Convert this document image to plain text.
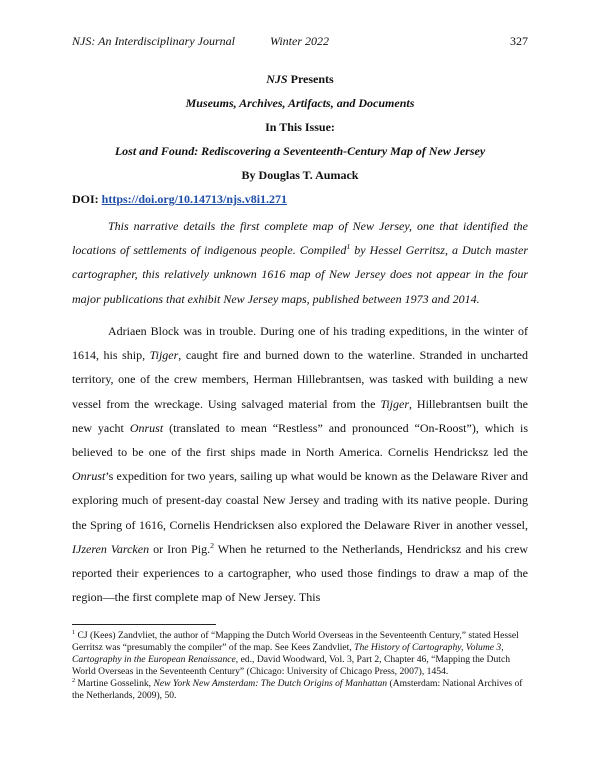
NJS: An Interdisciplinary Journal	Winter 2022	327
NJS Presents
Museums, Archives, Artifacts, and Documents
In This Issue:
Lost and Found: Rediscovering a Seventeenth-Century Map of New Jersey
By Douglas T. Aumack
DOI: https://doi.org/10.14713/njs.v8i1.271

This narrative details the first complete map of New Jersey, one that identified the locations of settlements of indigenous people. Compiled$^1$ by Hessel Gerritsz, a Dutch master cartographer, this relatively unknown 1616 map of New Jersey does not appear in the four major publications that exhibit New Jersey maps, published between 1973 and 2014.

Adriaen Block was in trouble. During one of his trading expeditions, in the winter of 1614, his ship, Tijger, caught fire and burned down to the waterline. Stranded in uncharted territory, one of the crew members, Herman Hillebrantsen, was tasked with building a new vessel from the wreckage. Using salvaged material from the Tijger, Hillebrantsen built the new yacht Onrust (translated to mean “Restless” and pronounced “On-Roost”), which is believed to be one of the first ships made in North America. Cornelis Hendricksz led the Onrust’s expedition for two years, sailing up what would be known as the Delaware River and exploring much of present-day coastal New Jersey and trading with its native people. During the Spring of 1616, Cornelis Hendricksen also explored the Delaware River in another vessel, IJzeren Varcken or Iron Pig.$^2$ When he returned to the Netherlands, Hendricksz and his crew reported their experiences to a cartographer, who used those findings to draw a map of the region—the first complete map of New Jersey. This

$^1$ CJ (Kees) Zandvliet, the author of “Mapping the Dutch World Overseas in the Seventeenth Century,” stated Hessel Gerritsz was “presumably the compiler” of the map. See Kees Zandvliet, The History of Cartography, Volume 3, Cartography in the European Renaissance, ed., David Woodward, Vol. 3, Part 2, Chapter 46, “Mapping the Dutch World Overseas in the Seventeenth Century” (Chicago: University of Chicago Press, 2007), 1454.

$^2$ Martine Gosselink, New York New Amsterdam: The Dutch Origins of Manhattan (Amsterdam: National Archives of the Netherlands, 2009), 50.
